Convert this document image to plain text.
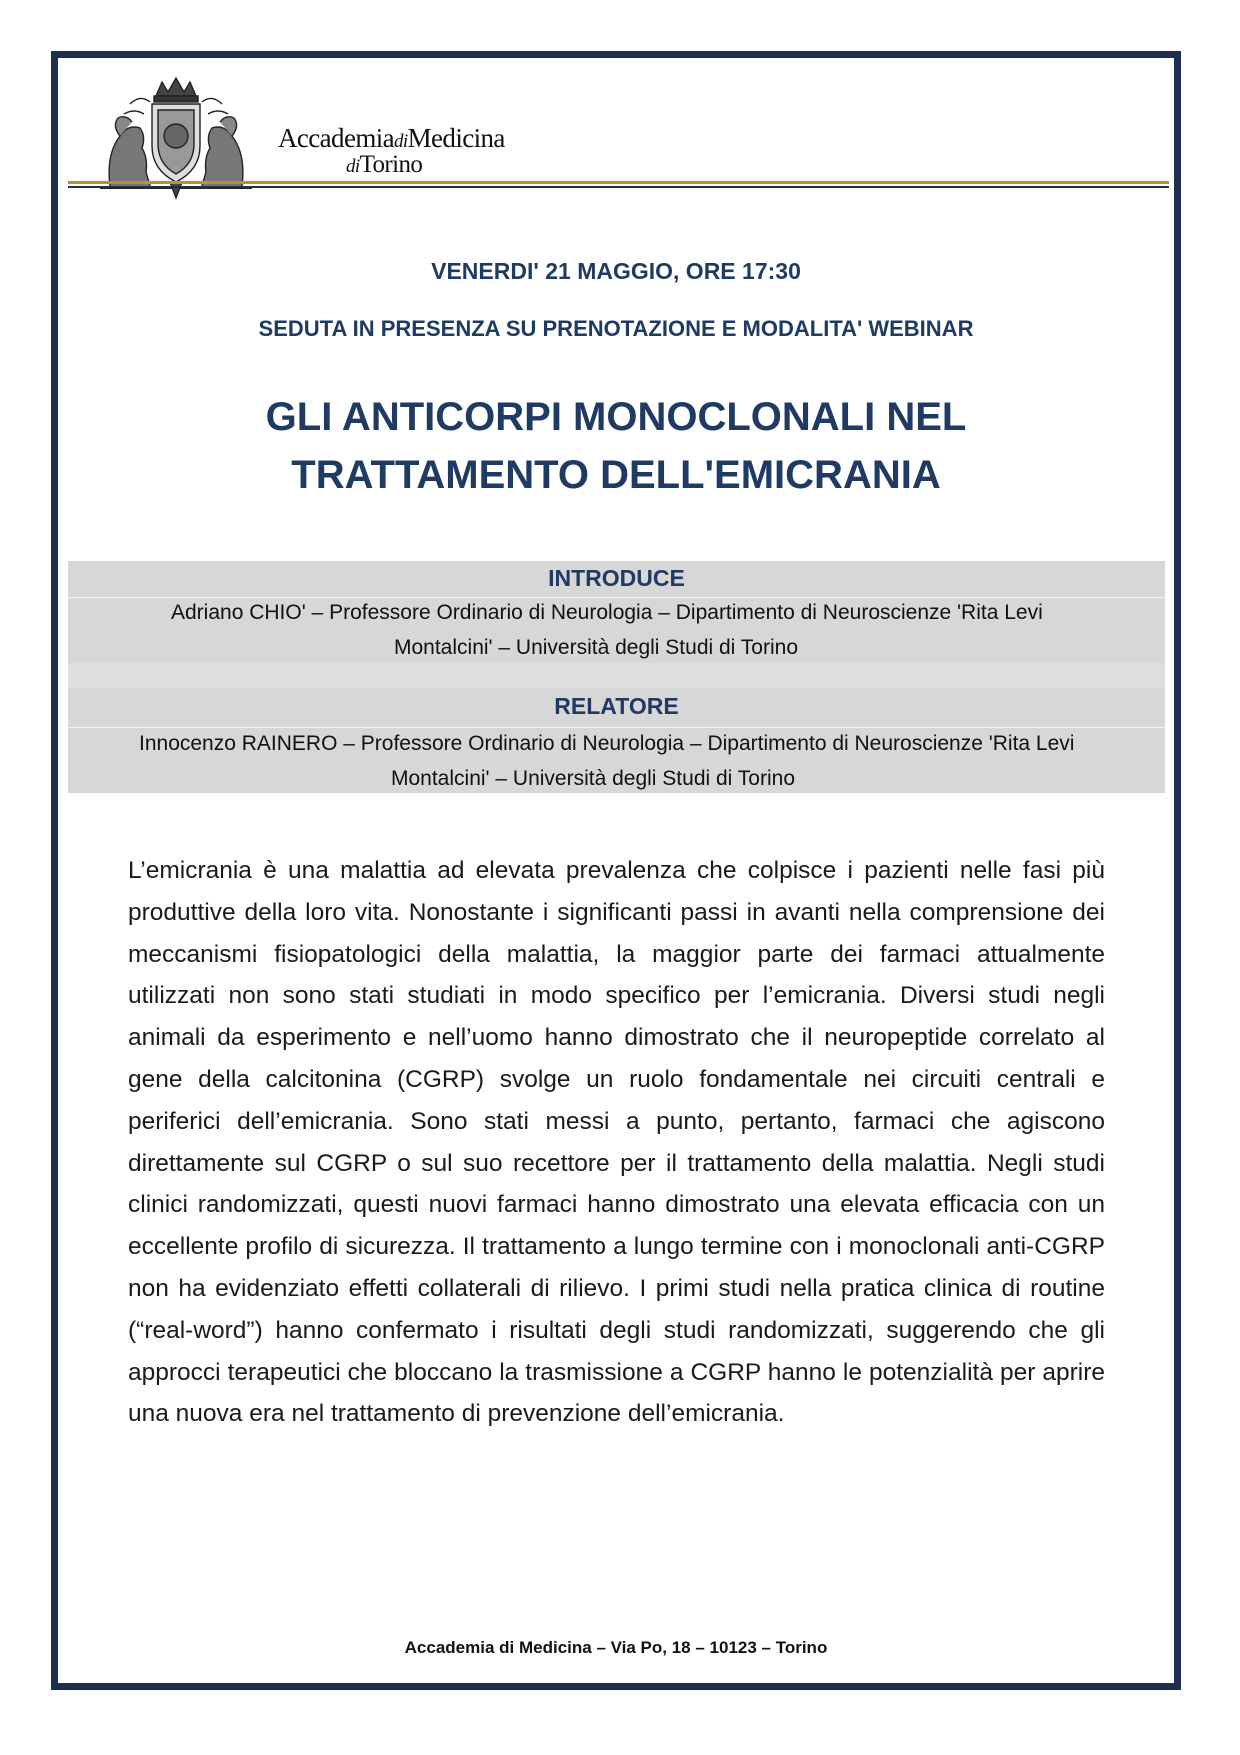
AccademiadiMedicina
diTorino
VENERDI' 21 MAGGIO, ORE 17:30
SEDUTA IN PRESENZA SU PRENOTAZIONE E MODALITA' WEBINAR
GLI ANTICORPI MONOCLONALI NEL
TRATTAMENTO DELL'EMICRANIA
INTRODUCE
Adriano CHIO' – Professore Ordinario di Neurologia – Dipartimento di Neuroscienze 'Rita Levi
Montalcini' – Università degli Studi di Torino
RELATORE
Innocenzo RAINERO – Professore Ordinario di Neurologia – Dipartimento di Neuroscienze 'Rita Levi
Montalcini' – Università degli Studi di Torino

L’emicrania è una malattia ad elevata prevalenza che colpisce i pazienti nelle fasi più produttive della loro vita. Nonostante i significanti passi in avanti nella comprensione dei meccanismi fisiopatologici della malattia, la maggior parte dei farmaci attualmente utilizzati non sono stati studiati in modo specifico per l’emicrania. Diversi studi negli animali da esperimento e nell’uomo hanno dimostrato che il neuropeptide correlato al gene della calcitonina (CGRP) svolge un ruolo fondamentale nei circuiti centrali e periferici dell’emicrania. Sono stati messi a punto, pertanto, farmaci che agiscono direttamente sul CGRP o sul suo recettore per il trattamento della malattia. Negli studi clinici randomizzati, questi nuovi farmaci hanno dimostrato una elevata efficacia con un eccellente profilo di sicurezza. Il trattamento a lungo termine con i monoclonali anti-CGRP non ha evidenziato effetti collaterali di rilievo. I primi studi nella pratica clinica di routine (“real-word”) hanno confermato i risultati degli studi randomizzati, suggerendo che gli approcci terapeutici che bloccano la trasmissione a CGRP hanno le potenzialità per aprire una nuova era nel trattamento di prevenzione dell’emicrania.

Accademia di Medicina – Via Po, 18 – 10123 – Torino
